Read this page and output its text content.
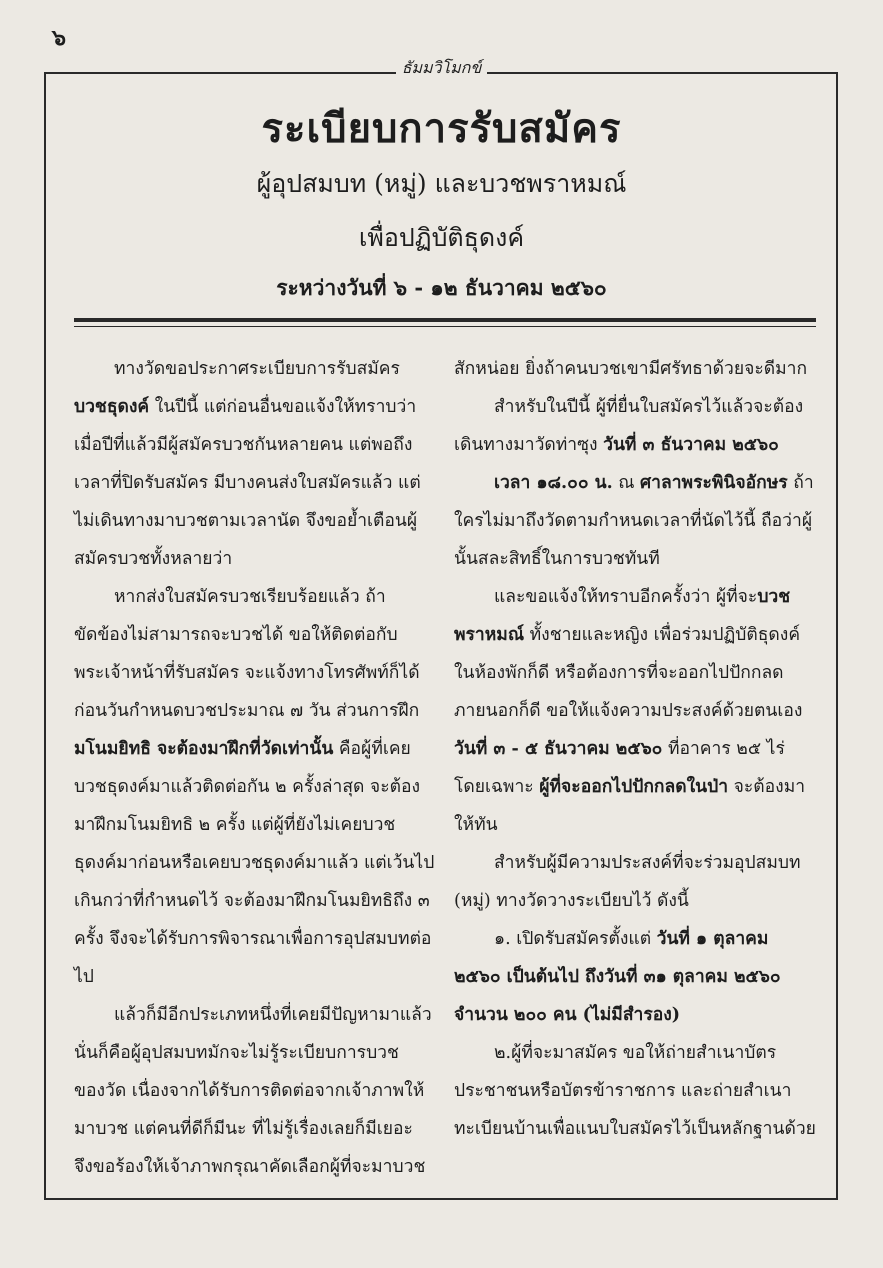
๖
ธัมมวิโมกข์
ระเบียบการรับสมัคร
ผู้อุปสมบท (หมู่) และบวชพราหมณ์
เพื่อปฏิบัติธุดงค์
ระหว่างวันที่ ๖ - ๑๒ ธันวาคม ๒๕๖๐

ทางวัดขอประกาศระเบียบการรับสมัคร บวชธุดงค์ ในปีนี้ แต่ก่อนอื่นขอแจ้งให้ทราบว่า เมื่อปีที่แล้วมีผู้สมัครบวชกันหลายคน แต่พอถึงเวลาที่ปิดรับสมัคร มีบางคนส่งใบสมัครแล้ว แต่ไม่เดินทางมาบวชตามเวลานัด จึงขอย้ำเตือนผู้สมัครบวชทั้งหลายว่า

หากส่งใบสมัครบวชเรียบร้อยแล้ว ถ้าขัดข้องไม่สามารถจะบวชได้ ขอให้ติดต่อกับพระเจ้าหน้าที่รับสมัคร จะแจ้งทางโทรศัพท์ก็ได้ ก่อนวันกำหนดบวชประมาณ ๗ วัน ส่วนการฝึก มโนมยิทธิ จะต้องมาฝึกที่วัดเท่านั้น คือผู้ที่เคยบวชธุดงค์มาแล้วติดต่อกัน ๒ ครั้งล่าสุด จะต้องมาฝึกมโนมยิทธิ ๒ ครั้ง แต่ผู้ที่ยังไม่เคยบวชธุดงค์มาก่อนหรือเคยบวชธุดงค์มาแล้ว แต่เว้นไปเกินกว่าที่กำหนดไว้ จะต้องมาฝึกมโนมยิทธิถึง ๓ ครั้ง จึงจะได้รับการพิจารณาเพื่อการอุปสมบทต่อไป

แล้วก็มีอีกประเภทหนึ่งที่เคยมีปัญหามาแล้ว นั่นก็คือผู้อุปสมบทมักจะไม่รู้ระเบียบการบวชของวัด เนื่องจากได้รับการติดต่อจากเจ้าภาพให้มาบวช แต่คนที่ดีก็มีนะ ที่ไม่รู้เรื่องเลยก็มีเยอะ จึงขอร้องให้เจ้าภาพกรุณาคัดเลือกผู้ที่จะมาบวช

สักหน่อย ยิ่งถ้าคนบวชเขามีศรัทธาด้วยจะดีมาก

สำหรับในปีนี้ ผู้ที่ยื่นใบสมัครไว้แล้วจะต้องเดินทางมาวัดท่าซุง วันที่ ๓ ธันวาคม ๒๕๖๐

เวลา ๑๘.๐๐ น. ณ ศาลาพระพินิจอักษร ถ้าใครไม่มาถึงวัดตามกำหนดเวลาที่นัดไว้นี้ ถือว่าผู้นั้นสละสิทธิ์ในการบวชทันที

และขอแจ้งให้ทราบอีกครั้งว่า ผู้ที่จะบวชพราหมณ์ ทั้งชายและหญิง เพื่อร่วมปฏิบัติธุดงค์ในห้องพักก็ดี หรือต้องการที่จะออกไปปักกลดภายนอกก็ดี ขอให้แจ้งความประสงค์ด้วยตนเอง วันที่ ๓ - ๕ ธันวาคม ๒๕๖๐ ที่อาคาร ๒๕ ไร่ โดยเฉพาะ ผู้ที่จะออกไปปักกลดในป่า จะต้องมาให้ทัน

สำหรับผู้มีความประสงค์ที่จะร่วมอุปสมบท (หมู่) ทางวัดวางระเบียบไว้ ดังนี้

๑. เปิดรับสมัครตั้งแต่ วันที่ ๑ ตุลาคม ๒๕๖๐ เป็นต้นไป ถึงวันที่ ๓๑ ตุลาคม ๒๕๖๐ จำนวน ๒๐๐ คน (ไม่มีสำรอง)

๒.ผู้ที่จะมาสมัคร ขอให้ถ่ายสำเนาบัตรประชาชนหรือบัตรข้าราชการ และถ่ายสำเนาทะเบียนบ้านเพื่อแนบใบสมัครไว้เป็นหลักฐานด้วย
